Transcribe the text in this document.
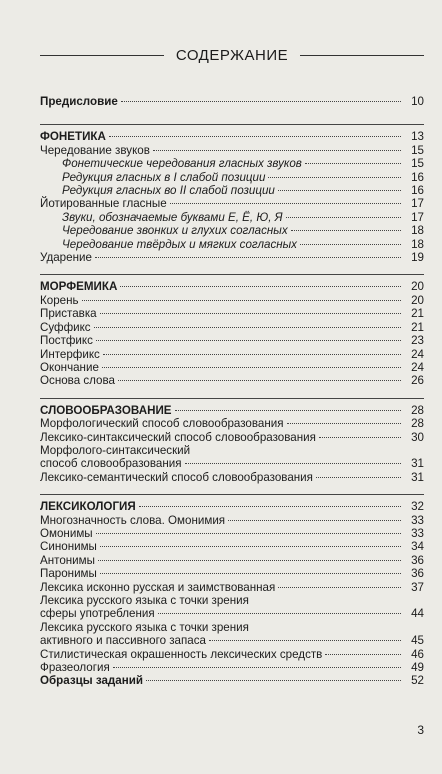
СОДЕРЖАНИЕ
Предисловие	10
ФОНЕТИКА	13
Чередование звуков	15
Фонетические чередования гласных звуков	15
Редукция гласных в I слабой позиции	16
Редукция гласных во II слабой позиции	16
Йотированные гласные	17
Звуки, обозначаемые буквами Е, Ё, Ю, Я	17
Чередование звонких и глухих согласных	18
Чередование твёрдых и мягких согласных	18
Ударение	19
МОРФЕМИКА	20
Корень	20
Приставка	21
Суффикс	21
Постфикс	23
Интерфикс	24
Окончание	24
Основа слова	26
СЛОВООБРАЗОВАНИЕ	28
Морфологический способ словообразования	28
Лексико-синтаксический способ словообразования	30
Морфолого-синтаксический
способ словообразования	31
Лексико-семантический способ словообразования	31
ЛЕКСИКОЛОГИЯ	32
Многозначность слова. Омонимия	33
Омонимы	33
Синонимы	34
Антонимы	36
Паронимы	36
Лексика исконно русская и заимствованная	37
Лексика русского языка с точки зрения
сферы употребления	44
Лексика русского языка с точки зрения
активного и пассивного запаса	45
Стилистическая окрашенность лексических средств	46
Фразеология	49
Образцы заданий	52
3
